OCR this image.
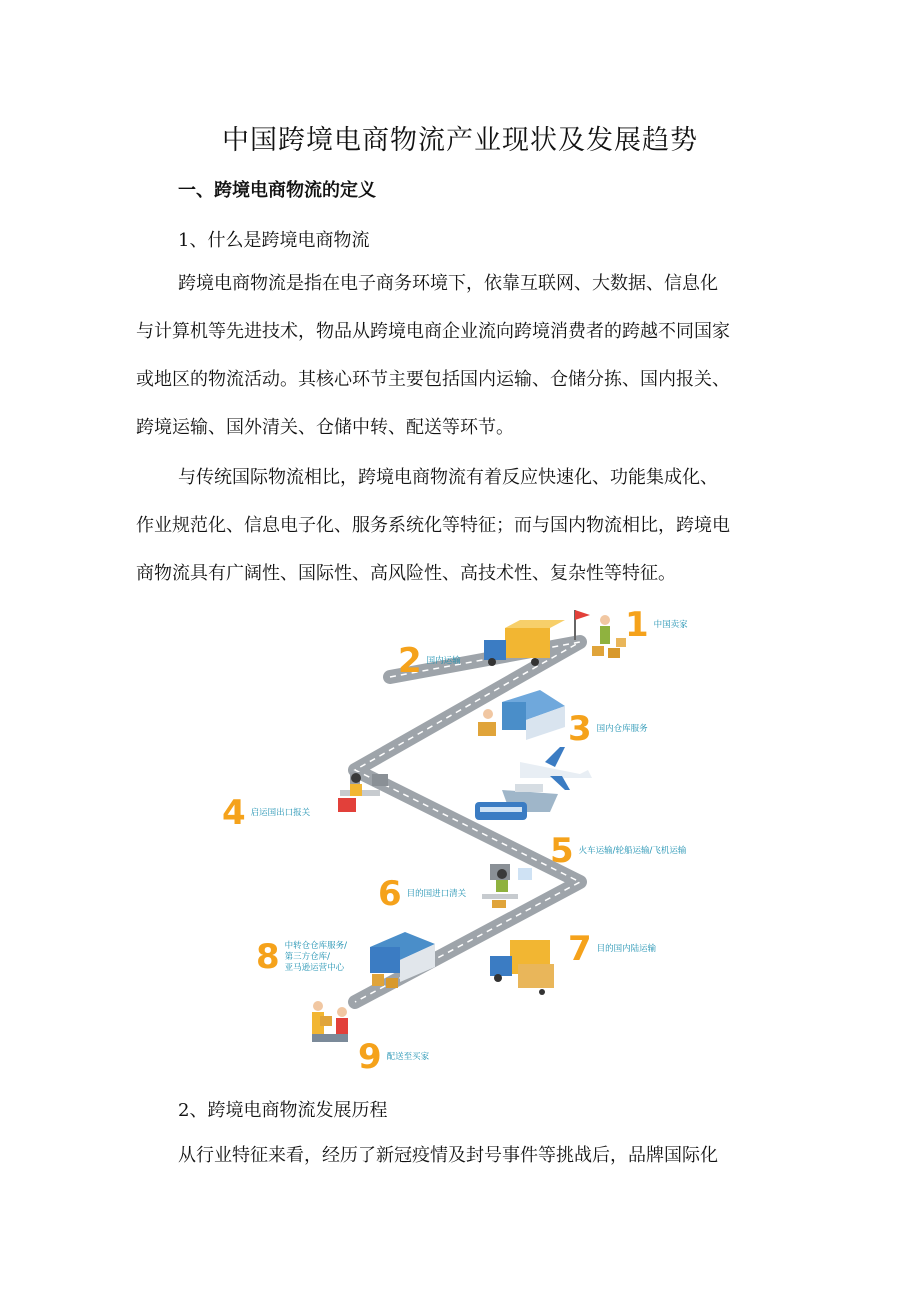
中国跨境电商物流产业现状及发展趋势
一、跨境电商物流的定义
1、什么是跨境电商物流
跨境电商物流是指在电子商务环境下，依靠互联网、大数据、信息化
与计算机等先进技术，物品从跨境电商企业流向跨境消费者的跨越不同国家
或地区的物流活动。其核心环节主要包括国内运输、仓储分拣、国内报关、
跨境运输、国外清关、仓储中转、配送等环节。
与传统国际物流相比，跨境电商物流有着反应快速化、功能集成化、
作业规范化、信息电子化、服务系统化等特征；而与国内物流相比，跨境电
商物流具有广阔性、国际性、高风险性、高技术性、复杂性等特征。
1 中国卖家
2 国内运输
3 国内仓库服务
4 启运国出口报关
5 火车运输/轮船运输/飞机运输
6 目的国进口清关
7 目的国内陆运输
8 中转仓仓库服务/
第三方仓库/
亚马逊运营中心
9 配送至买家
2、跨境电商物流发展历程
从行业特征来看，经历了新冠疫情及封号事件等挑战后，品牌国际化
